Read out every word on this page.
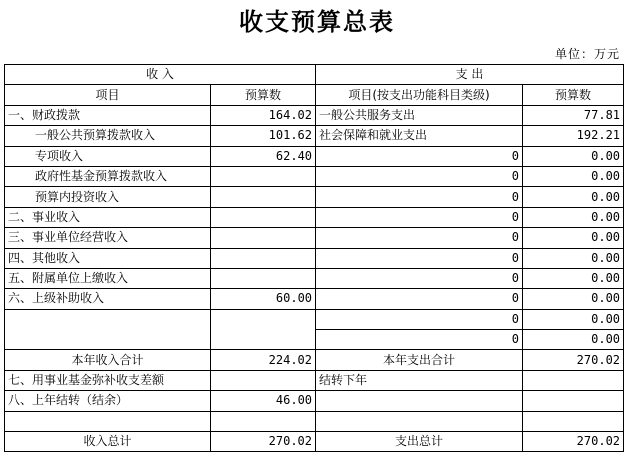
收支预算总表
单位：万元
收 入		支 出	
项目	预算数	项目(按支出功能科目类级)	预算数
一、财政拨款	164.02	一般公共服务支出	77.81
一般公共预算拨款收入	101.62	社会保障和就业支出	192.21
专项收入	62.40	0	0.00
政府性基金预算拨款收入		0	0.00
预算内投资收入		0	0.00
二、事业收入		0	0.00
三、事业单位经营收入		0	0.00
四、其他收入		0	0.00
五、附属单位上缴收入		0	0.00
六、上级补助收入	60.00	0	0.00
		0	0.00
		0	0.00
本年收入合计	224.02	本年支出合计	270.02
七、用事业基金弥补收支差额		结转下年	
八、上年结转（结余）	46.00		

收入总计	270.02	支出总计	270.02
